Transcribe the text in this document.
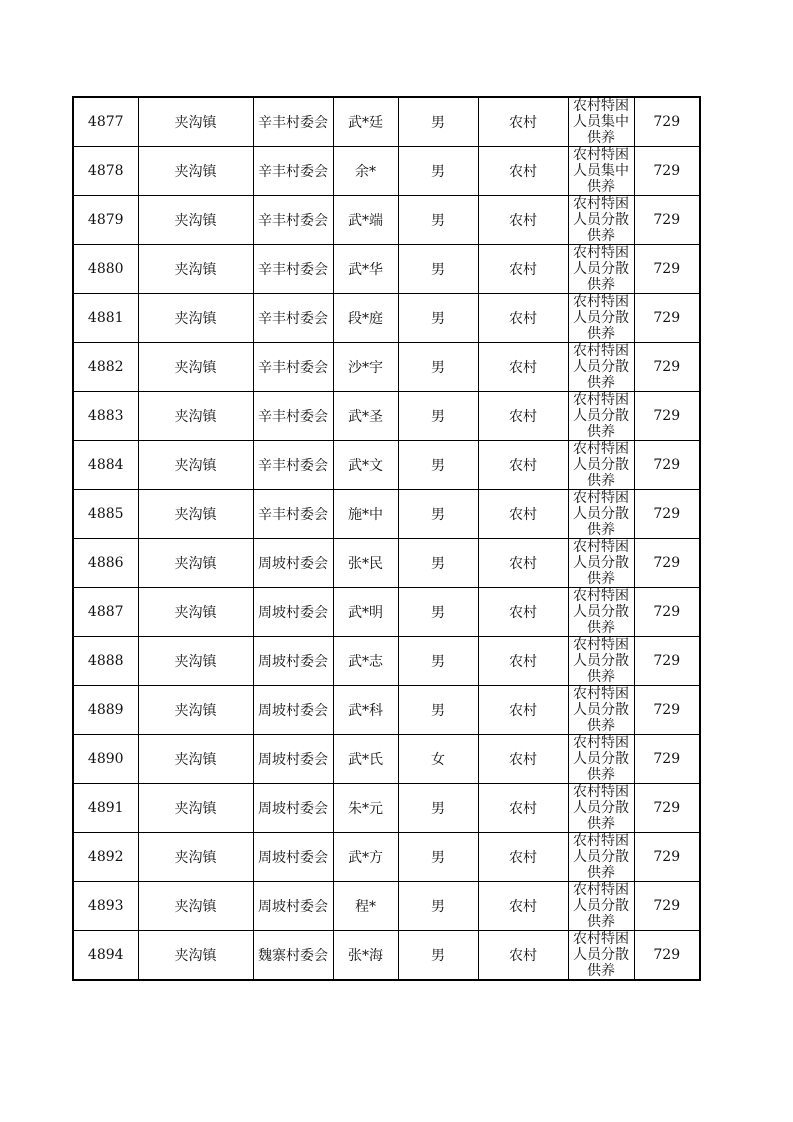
4877	夹沟镇	辛丰村委会	武*廷	男	农村	农村特困人员集中供养	729
4878	夹沟镇	辛丰村委会	余*	男	农村	农村特困人员集中供养	729
4879	夹沟镇	辛丰村委会	武*端	男	农村	农村特困人员分散供养	729
4880	夹沟镇	辛丰村委会	武*华	男	农村	农村特困人员分散供养	729
4881	夹沟镇	辛丰村委会	段*庭	男	农村	农村特困人员分散供养	729
4882	夹沟镇	辛丰村委会	沙*宇	男	农村	农村特困人员分散供养	729
4883	夹沟镇	辛丰村委会	武*圣	男	农村	农村特困人员分散供养	729
4884	夹沟镇	辛丰村委会	武*文	男	农村	农村特困人员分散供养	729
4885	夹沟镇	辛丰村委会	施*中	男	农村	农村特困人员分散供养	729
4886	夹沟镇	周坡村委会	张*民	男	农村	农村特困人员分散供养	729
4887	夹沟镇	周坡村委会	武*明	男	农村	农村特困人员分散供养	729
4888	夹沟镇	周坡村委会	武*志	男	农村	农村特困人员分散供养	729
4889	夹沟镇	周坡村委会	武*科	男	农村	农村特困人员分散供养	729
4890	夹沟镇	周坡村委会	武*氏	女	农村	农村特困人员分散供养	729
4891	夹沟镇	周坡村委会	朱*元	男	农村	农村特困人员分散供养	729
4892	夹沟镇	周坡村委会	武*方	男	农村	农村特困人员分散供养	729
4893	夹沟镇	周坡村委会	程*	男	农村	农村特困人员分散供养	729
4894	夹沟镇	魏寨村委会	张*海	男	农村	农村特困人员分散供养	729
